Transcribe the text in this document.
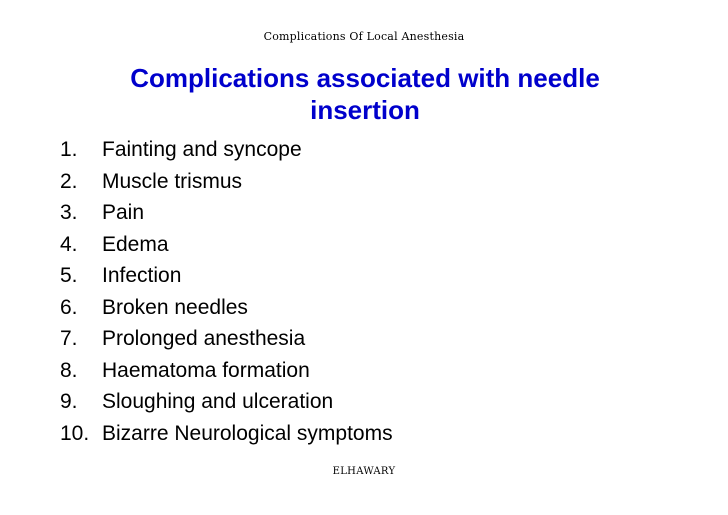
Complications Of Local Anesthesia
Complications associated with needle insertion
1.	Fainting and syncope
2.	Muscle trismus
3.	Pain
4.	Edema
5.	Infection
6.	Broken needles
7.	Prolonged anesthesia
8.	Haematoma formation
9.	Sloughing and ulceration
10. Bizarre Neurological symptoms
ELHAWARY
